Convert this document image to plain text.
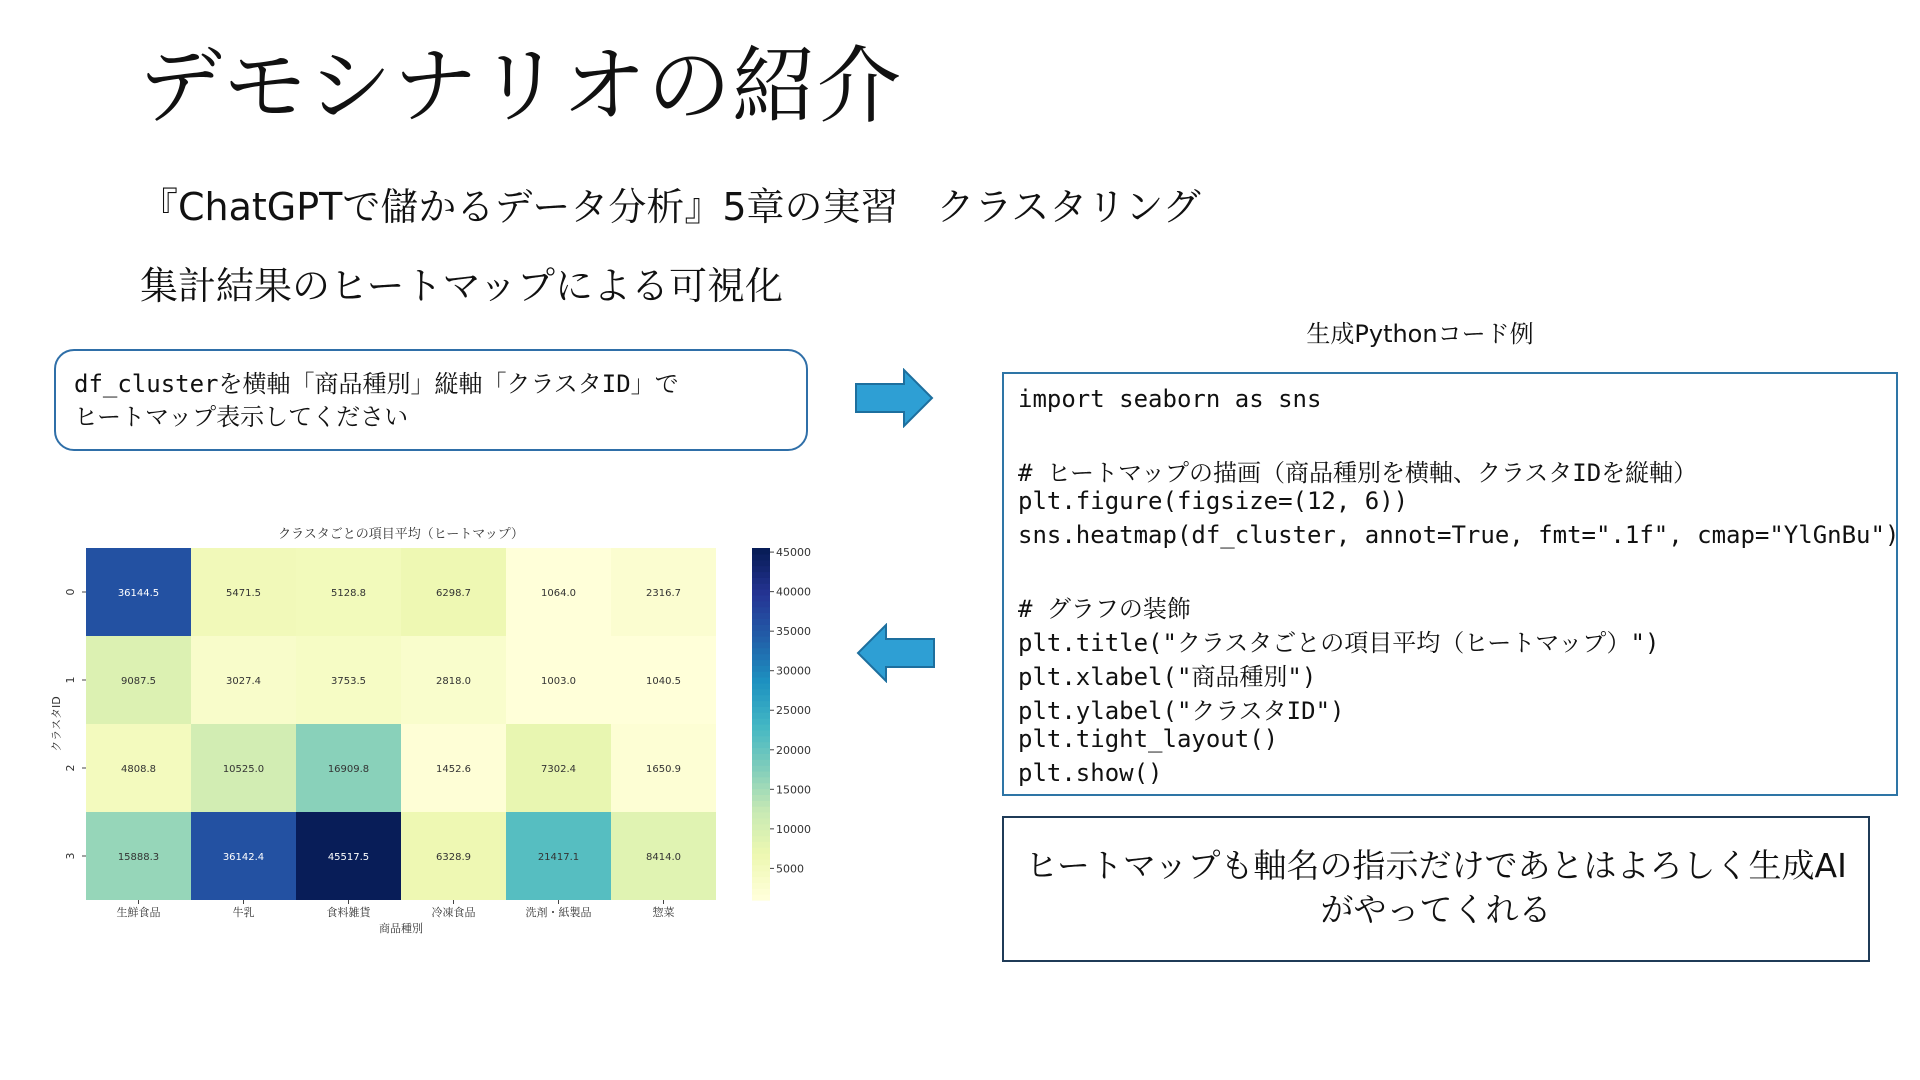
デモシナリオの紹介
『ChatGPTで儲かるデータ分析』5章の実習　クラスタリング
集計結果のヒートマップによる可視化
df_clusterを横軸「商品種別」縦軸「クラスタID」で
ヒートマップ表示してください
生成Pythonコード例
import seaborn as sns
# ヒートマップの描画（商品種別を横軸、クラスタIDを縦軸）
plt.figure(figsize=(12, 6))
sns.heatmap(df_cluster, annot=True, fmt=".1f", cmap="YlGnBu")
# グラフの装飾
plt.title("クラスタごとの項目平均（ヒートマップ）")
plt.xlabel("商品種別")
plt.ylabel("クラスタID")
plt.tight_layout()
plt.show()
ヒートマップも軸名の指示だけであとはよろしく生成AIがやってくれる
クラスタごとの項目平均（ヒートマップ）
36144.5	5471.5	5128.8	6298.7	1064.0	2316.7
9087.5	3027.4	3753.5	2818.0	1003.0	1040.5
4808.8	10525.0	16909.8	1452.6	7302.4	1650.9
15888.3	36142.4	45517.5	6328.9	21417.1	8414.0
生鮮食品	牛乳	食料雑貨	冷凍食品	洗剤・紙製品	惣菜
商品種別
0
1
2
3
クラスタID
5000
10000
15000
20000
25000
30000
35000
40000
45000
